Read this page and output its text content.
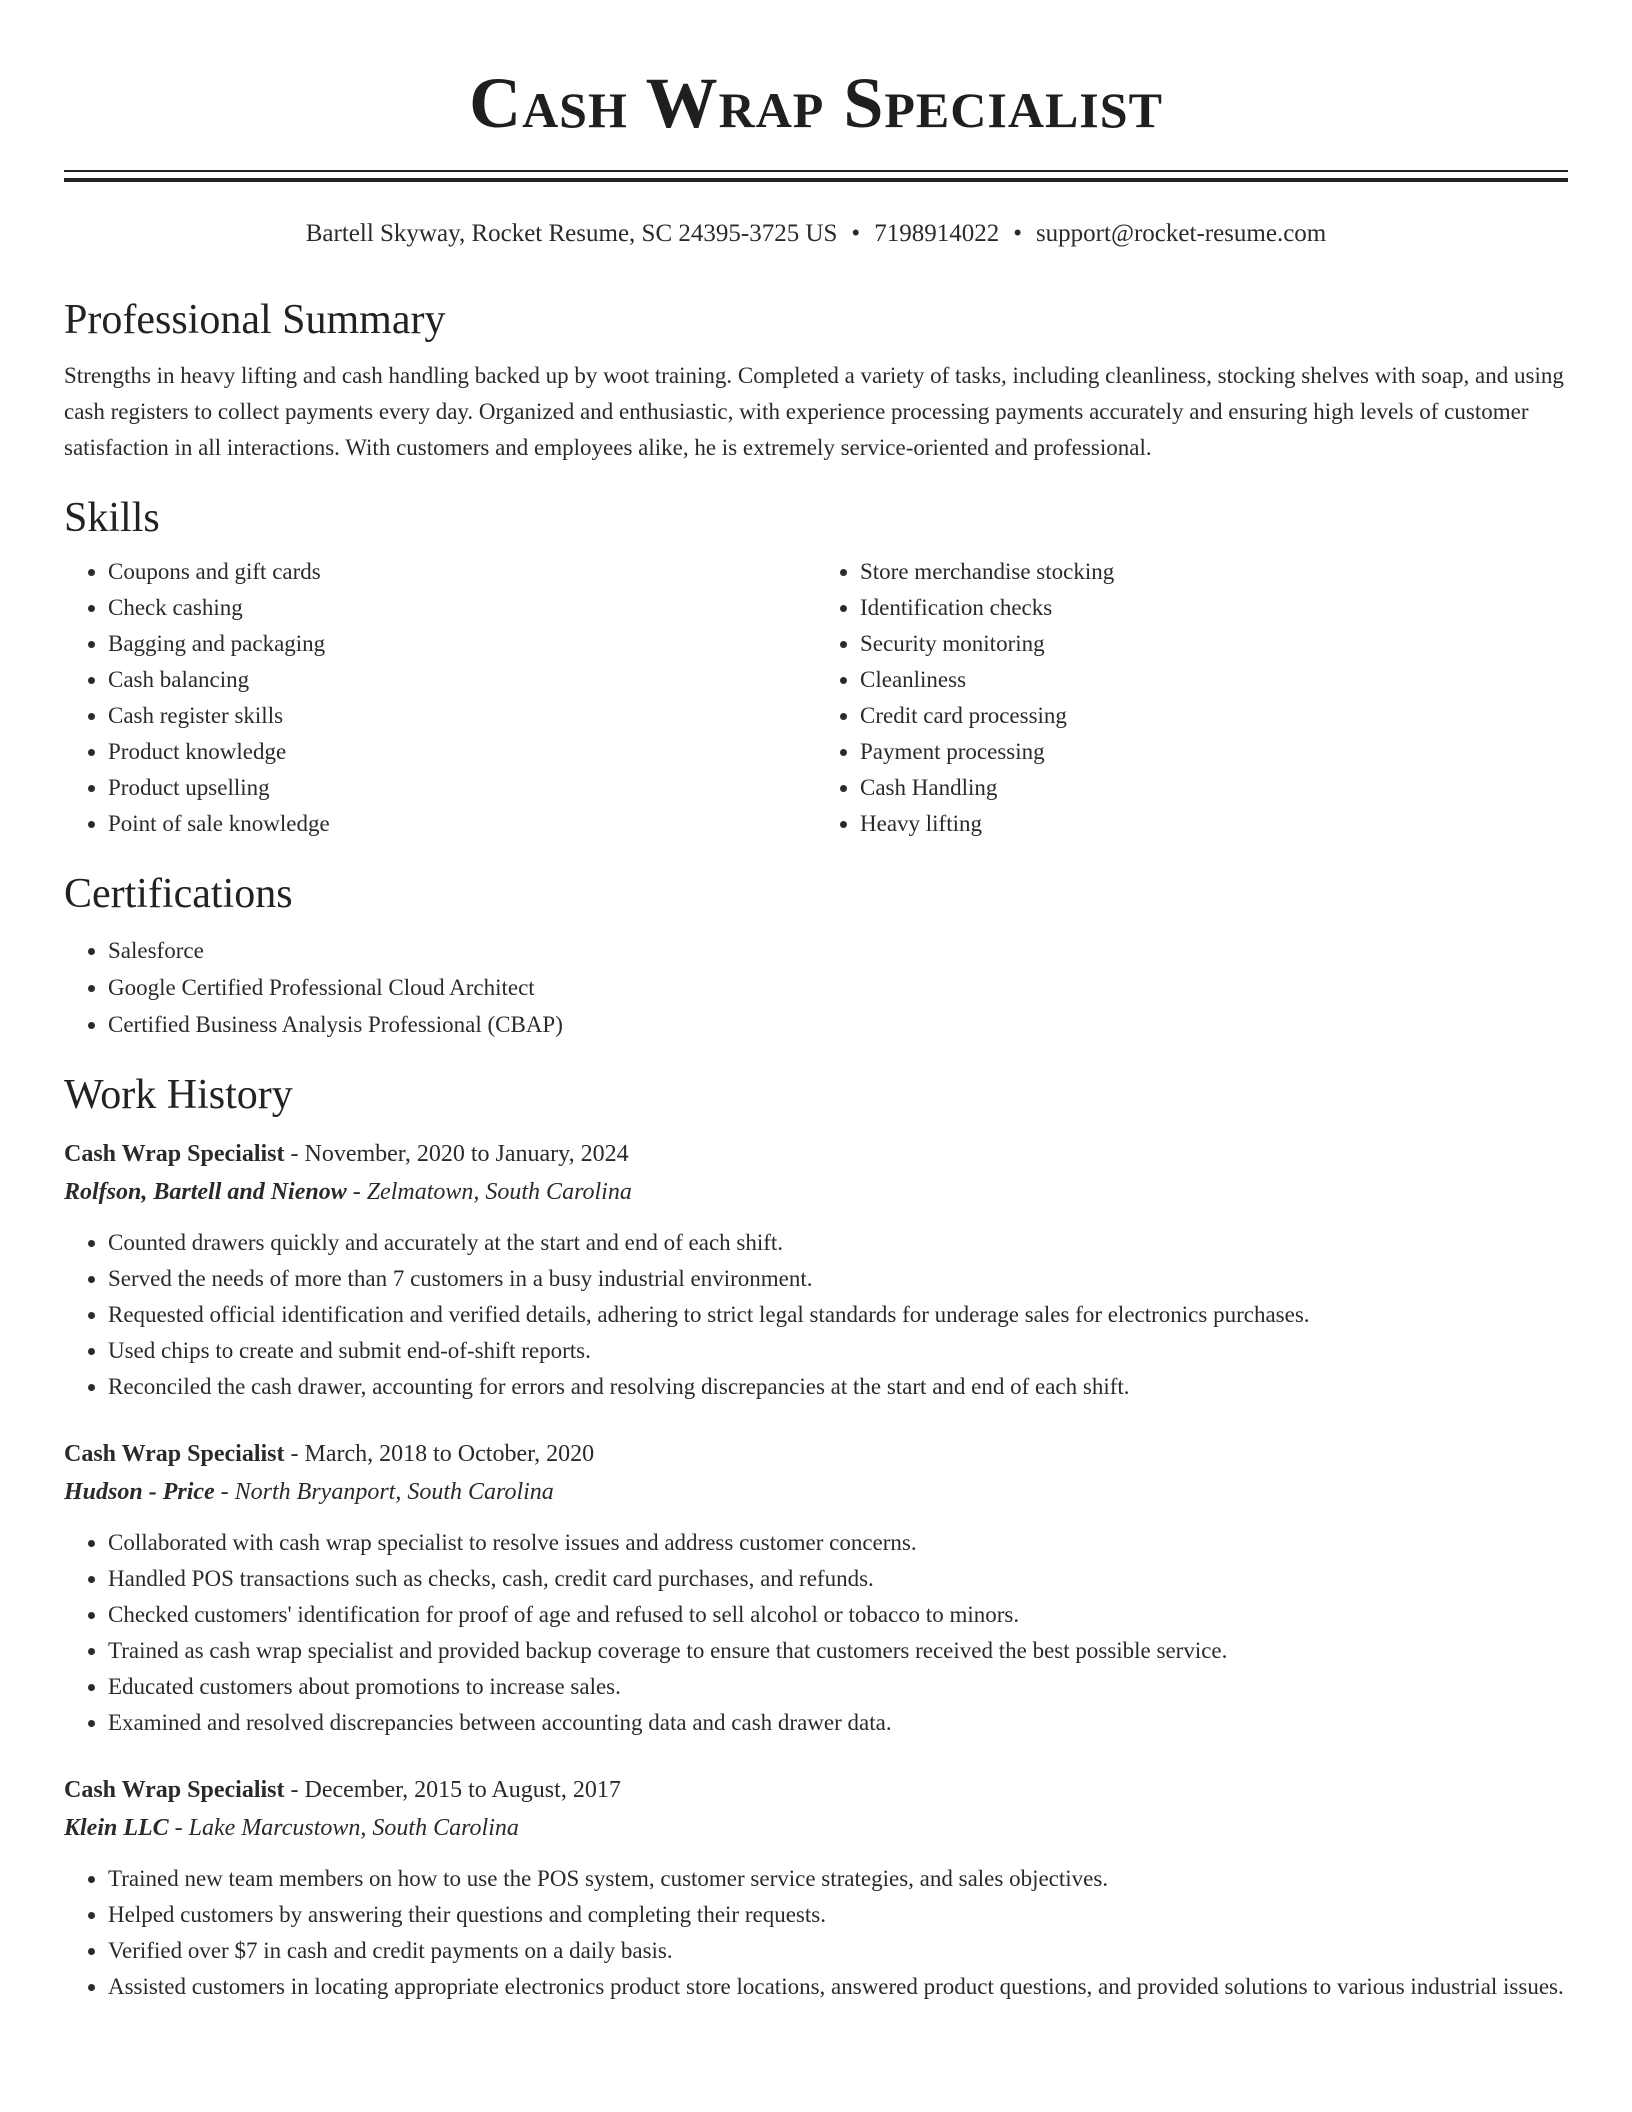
Cash Wrap Specialist
Bartell Skyway, Rocket Resume, SC 24395-3725 US • 7198914022 • support@rocket-resume.com
Professional Summary
Strengths in heavy lifting and cash handling backed up by woot training. Completed a variety of tasks, including cleanliness, stocking shelves with soap, and using cash registers to collect payments every day. Organized and enthusiastic, with experience processing payments accurately and ensuring high levels of customer satisfaction in all interactions. With customers and employees alike, he is extremely service-oriented and professional.
Skills
• Coupons and gift cards
• Check cashing
• Bagging and packaging
• Cash balancing
• Cash register skills
• Product knowledge
• Product upselling
• Point of sale knowledge
• Store merchandise stocking
• Identification checks
• Security monitoring
• Cleanliness
• Credit card processing
• Payment processing
• Cash Handling
• Heavy lifting
Certifications
• Salesforce
• Google Certified Professional Cloud Architect
• Certified Business Analysis Professional (CBAP)
Work History
Cash Wrap Specialist - November, 2020 to January, 2024
Rolfson, Bartell and Nienow - Zelmatown, South Carolina
• Counted drawers quickly and accurately at the start and end of each shift.
• Served the needs of more than 7 customers in a busy industrial environment.
• Requested official identification and verified details, adhering to strict legal standards for underage sales for electronics purchases.
• Used chips to create and submit end-of-shift reports.
• Reconciled the cash drawer, accounting for errors and resolving discrepancies at the start and end of each shift.
Cash Wrap Specialist - March, 2018 to October, 2020
Hudson - Price - North Bryanport, South Carolina
• Collaborated with cash wrap specialist to resolve issues and address customer concerns.
• Handled POS transactions such as checks, cash, credit card purchases, and refunds.
• Checked customers' identification for proof of age and refused to sell alcohol or tobacco to minors.
• Trained as cash wrap specialist and provided backup coverage to ensure that customers received the best possible service.
• Educated customers about promotions to increase sales.
• Examined and resolved discrepancies between accounting data and cash drawer data.
Cash Wrap Specialist - December, 2015 to August, 2017
Klein LLC - Lake Marcustown, South Carolina
• Trained new team members on how to use the POS system, customer service strategies, and sales objectives.
• Helped customers by answering their questions and completing their requests.
• Verified over $7 in cash and credit payments on a daily basis.
• Assisted customers in locating appropriate electronics product store locations, answered product questions, and provided solutions to various industrial issues.
